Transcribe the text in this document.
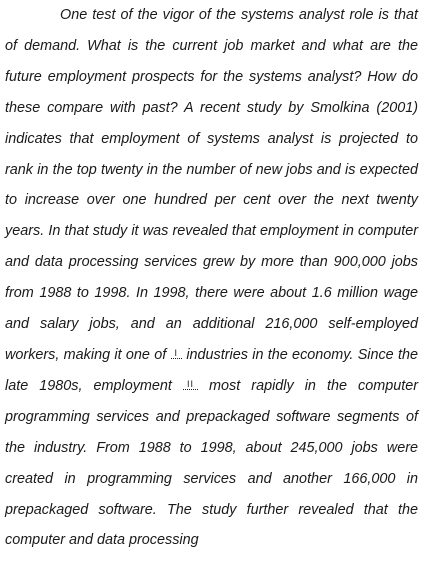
One test of the vigor of the systems analyst role is that of demand. What is the current job market and what are the future employment prospects for the systems analyst? How do these compare with past? A recent study by Smolkina (2001) indicates that employment of systems analyst is projected to rank in the top twenty in the number of new jobs and is expected to increase over one hundred per cent over the next twenty years. In that study it was revealed that employment in computer and data processing services grew by more than 900,000 jobs from 1988 to 1998. In 1998, there were about 1.6 million wage and salary jobs, and an additional 216,000 self-employed workers, making it one of I industries in the economy. Since the late 1980s, employment II most rapidly in the computer programming services and prepackaged software segments of the industry. From 1988 to 1998, about 245,000 jobs were created in programming services and another 166,000 in prepackaged software. The study further revealed that the computer and data processing
